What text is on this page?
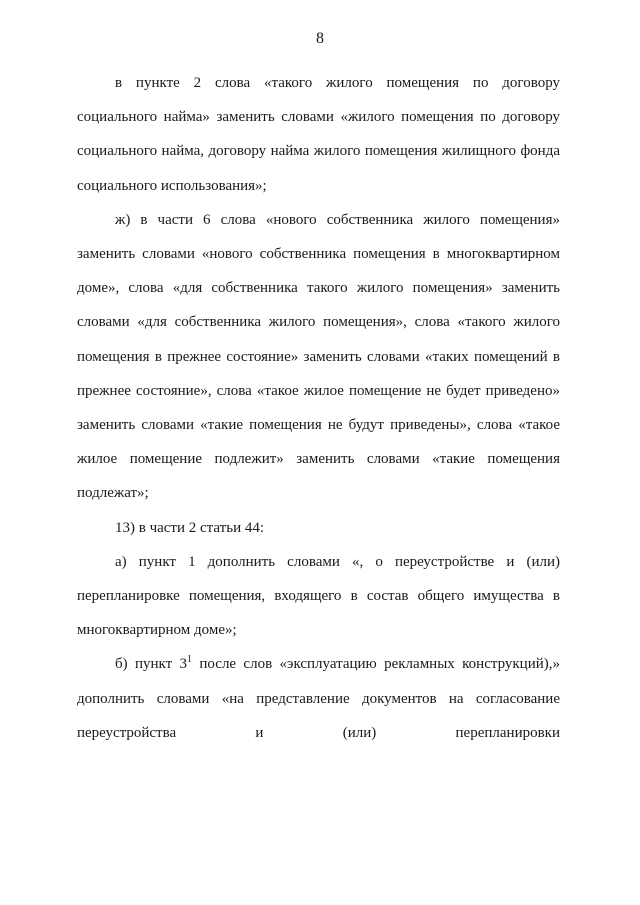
8

в пункте 2 слова «такого жилого помещения по договору социального найма» заменить словами «жилого помещения по договору социального найма, договору найма жилого помещения жилищного фонда социального использования»;

ж) в части 6 слова «нового собственника жилого помещения» заменить словами «нового собственника помещения в многоквартирном доме», слова «для собственника такого жилого помещения» заменить словами «для собственника жилого помещения», слова «такого жилого помещения в прежнее состояние» заменить словами «таких помещений в прежнее состояние», слова «такое жилое помещение не будет приведено» заменить словами «такие помещения не будут приведены», слова «такое жилое помещение подлежит» заменить словами «такие помещения подлежат»;

13) в части 2 статьи 44:

а) пункт 1 дополнить словами «, о переустройстве и (или) перепланировке помещения, входящего в состав общего имущества в многоквартирном доме»;

б) пункт $3^1$ после слов «эксплуатацию рекламных конструкций),» дополнить словами «на представление документов на согласование переустройства и (или) перепланировки
